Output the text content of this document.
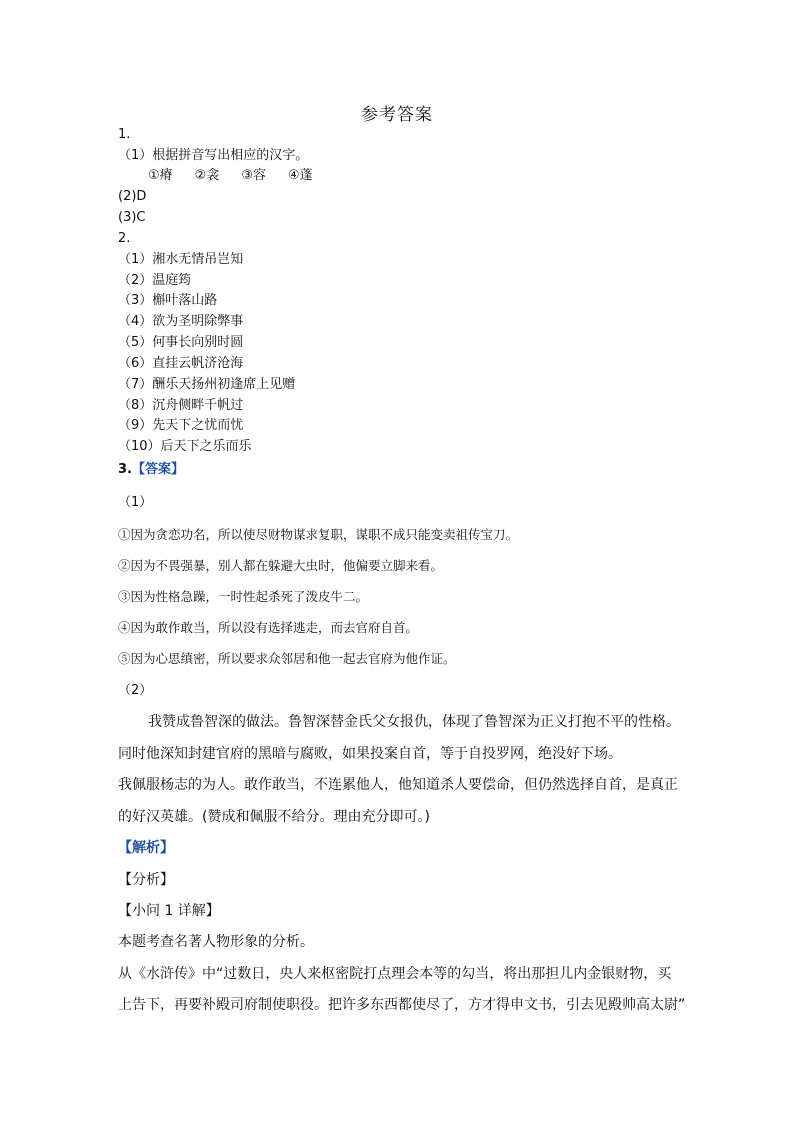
参考答案
1.
（1）根据拼音写出相应的汉字。
①瘠 ②衾 ③容 ④蓬
(2)D
(3)C
2.
（1）湘水无情吊岂知
（2）温庭筠
（3）槲叶落山路
（4）欲为圣明除弊事
（5）何事长向别时圆
（6）直挂云帆济沧海
（7）酬乐天扬州初逢席上见赠
（8）沉舟侧畔千帆过
（9）先天下之忧而忧
（10）后天下之乐而乐
3.【答案】
（1）
①因为贪恋功名，所以使尽财物谋求复职，谋职不成只能变卖祖传宝刀。
②因为不畏强暴，别人都在躲避大虫时，他偏要立脚来看。
③因为性格急躁，一时性起杀死了泼皮牛二。
④因为敢作敢当，所以没有选择逃走，而去官府自首。
⑤因为心思缜密，所以要求众邻居和他一起去官府为他作证。
（2）
我赞成鲁智深的做法。鲁智深替金氏父女报仇，体现了鲁智深为正义打抱不平的性格。
同时他深知封建官府的黑暗与腐败，如果投案自首，等于自投罗网，绝没好下场。
我佩服杨志的为人。敢作敢当，不连累他人，他知道杀人要偿命，但仍然选择自首，是真正
的好汉英雄。(赞成和佩服不给分。理由充分即可。)
【解析】
【分析】
【小问 1 详解】
本题考查名著人物形象的分析。
从《水浒传》中“过数日，央人来枢密院打点理会本等的勾当，将出那担儿内金银财物，买
上告下，再要补殿司府制使职役。把许多东西都使尽了，方才得申文书，引去见殿帅高太尉”
